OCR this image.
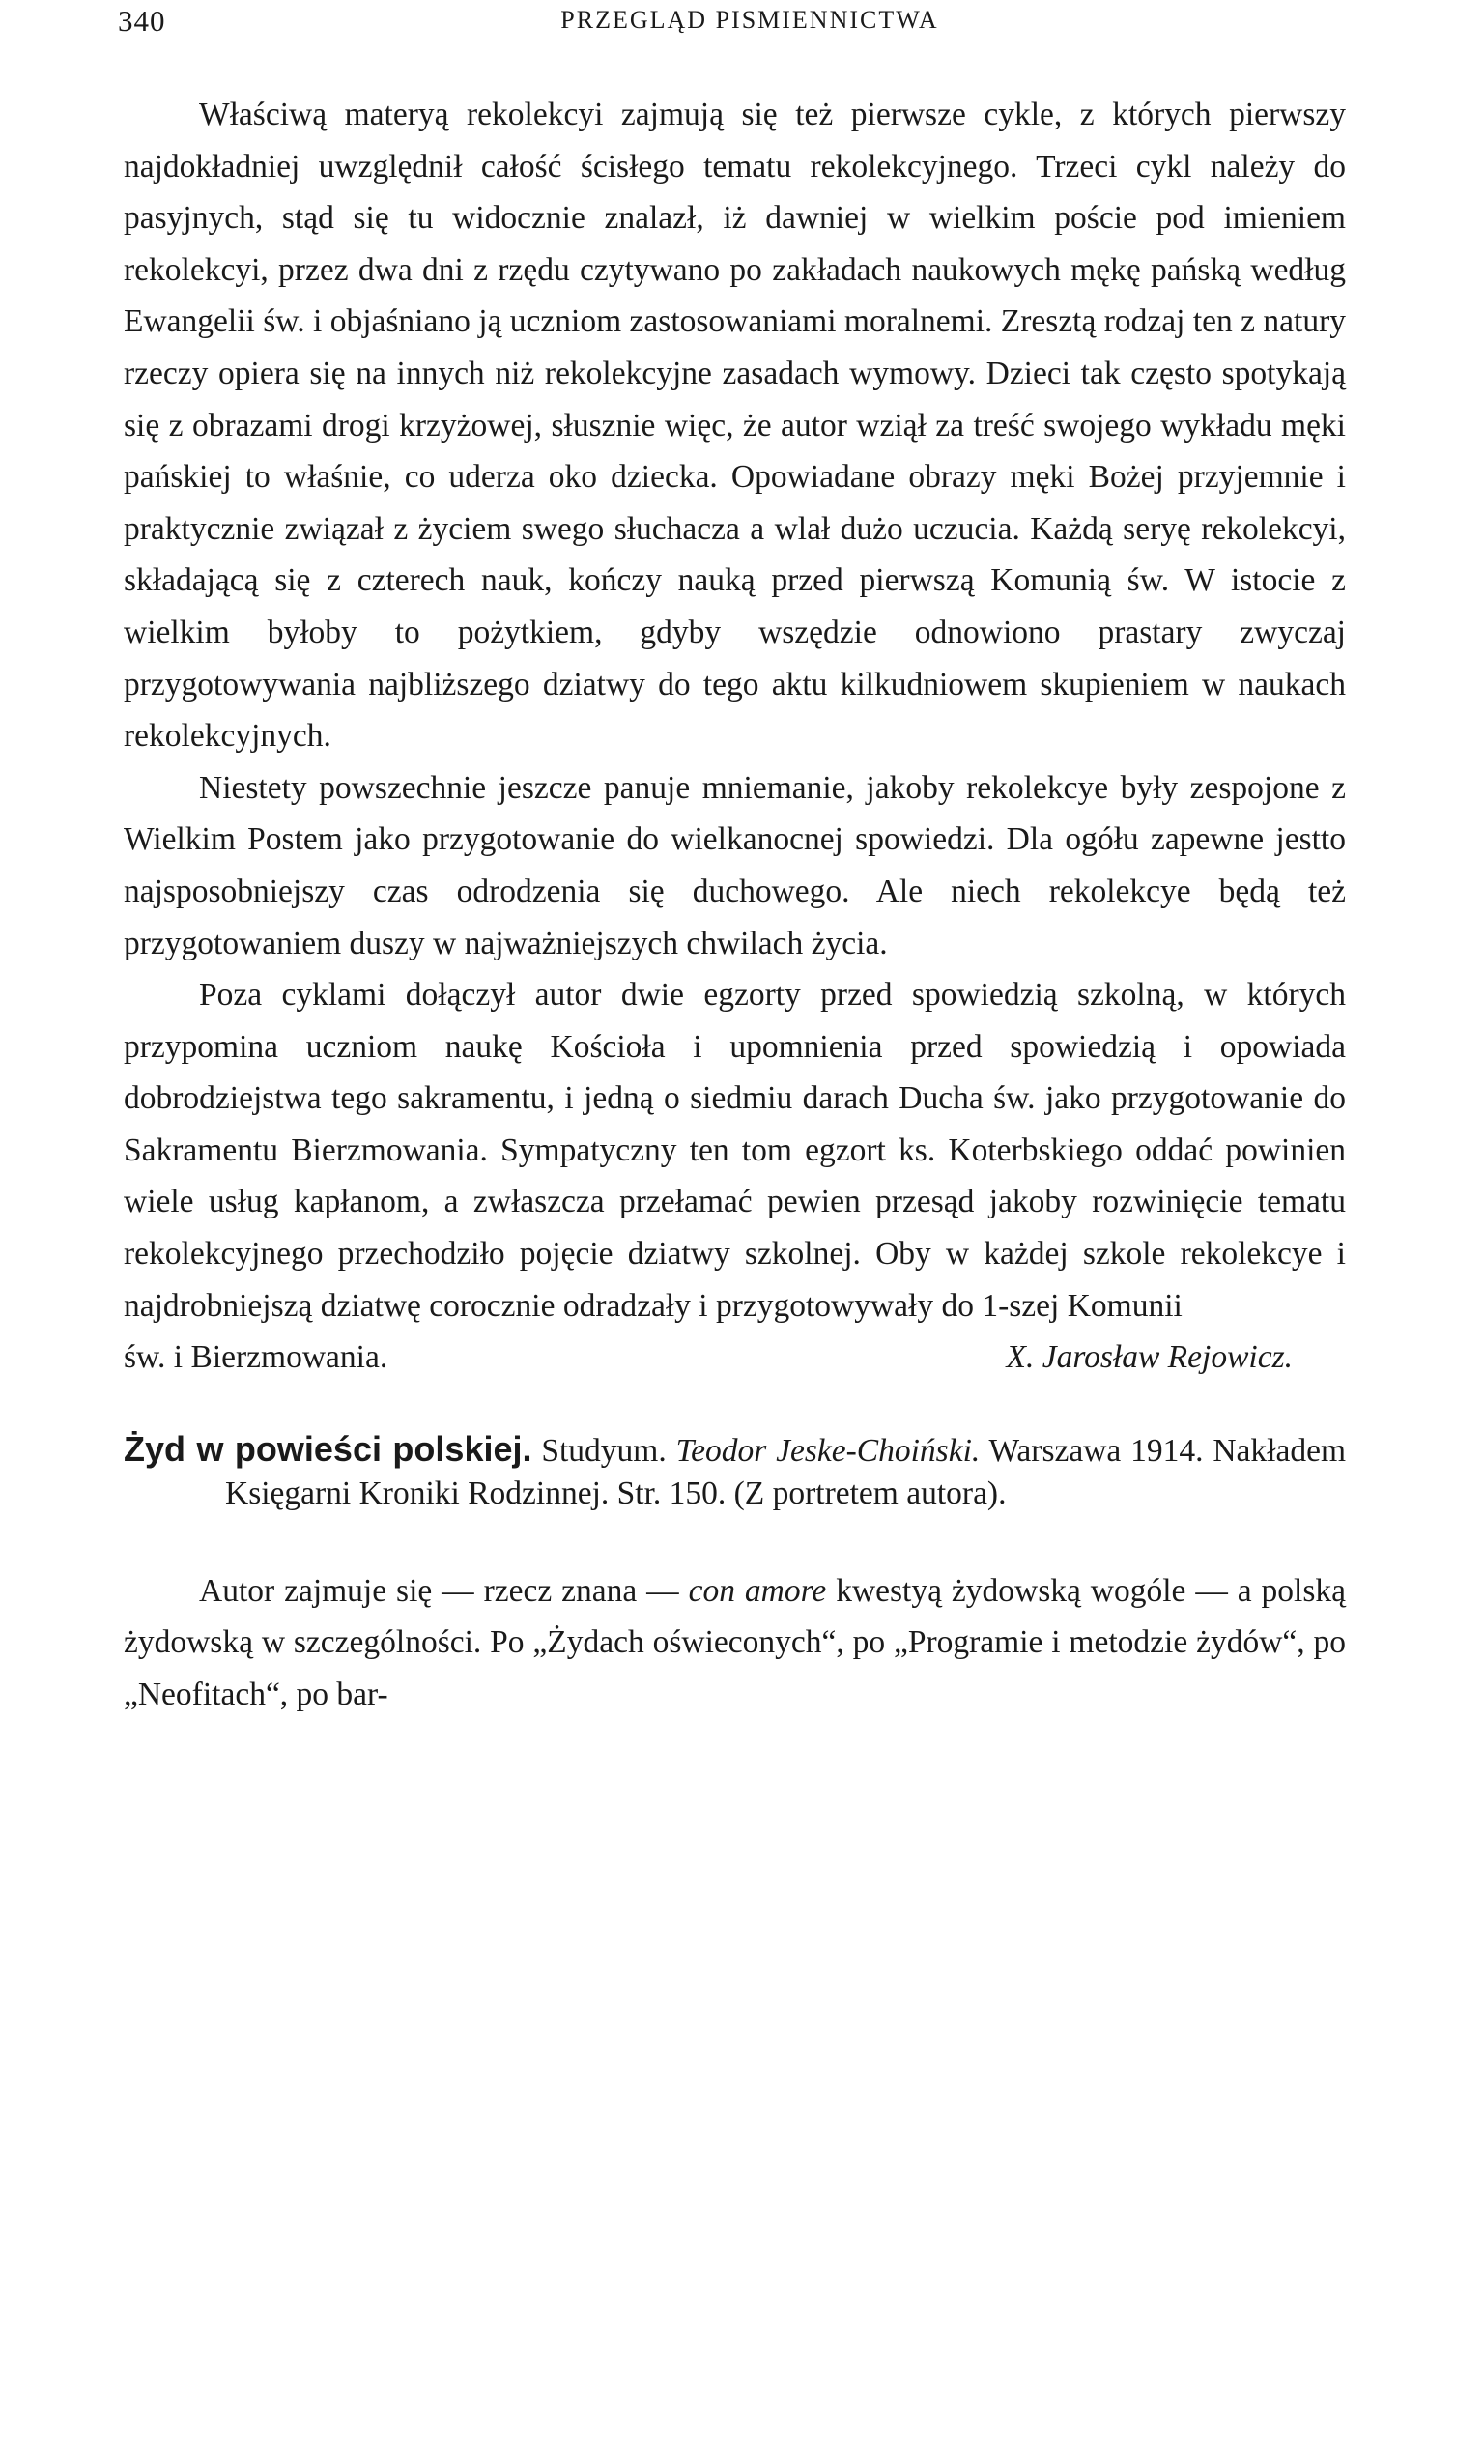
340	PRZEGLĄD PISMIENNICTWA

Właściwą materyą rekolekcyi zajmują się też pierwsze cykle, z których pierwszy najdokładniej uwzględnił całość ścisłego tematu rekolekcyjnego. Trzeci cykl należy do pasyjnych, stąd się tu widocznie znalazł, iż dawniej w wielkim poście pod imieniem rekolekcyi, przez dwa dni z rzędu czytywano po zakładach naukowych mękę pańską według Ewangelii św. i objaśniano ją uczniom zastosowaniami moralnemi. Zresztą rodzaj ten z natury rzeczy opiera się na innych niż rekolekcyjne zasadach wymowy. Dzieci tak często spotykają się z obrazami drogi krzyżowej, słusznie więc, że autor wziął za treść swojego wykładu męki pańskiej to właśnie, co uderza oko dziecka. Opowiadane obrazy męki Bożej przyjemnie i praktycznie związał z życiem swego słuchacza a wlał dużo uczucia. Każdą seryę rekolekcyi, składającą się z czterech nauk, kończy nauką przed pierwszą Komunią św. W istocie z wielkim byłoby to pożytkiem, gdyby wszędzie odnowiono prastary zwyczaj przygotowywania najbliższego dziatwy do tego aktu kilkudniowem skupieniem w naukach rekolekcyjnych.

Niestety powszechnie jeszcze panuje mniemanie, jakoby rekolekcye były zespojone z Wielkim Postem jako przygotowanie do wielkanocnej spowiedzi. Dla ogółu zapewne jestto najsposobniejszy czas odrodzenia się duchowego. Ale niech rekolekcye będą też przygotowaniem duszy w najważniejszych chwilach życia.

Poza cyklami dołączył autor dwie egzorty przed spowiedzią szkolną, w których przypomina uczniom naukę Kościoła i upomnienia przed spowiedzią i opowiada dobrodziejstwa tego sakramentu, i jedną o siedmiu darach Ducha św. jako przygotowanie do Sakramentu Bierzmowania. Sympatyczny ten tom egzort ks. Koterbskiego oddać powinien wiele usług kapłanom, a zwłaszcza przełamać pewien przesąd jakoby rozwinięcie tematu rekolekcyjnego przechodziło pojęcie dziatwy szkolnej. Oby w każdej szkole rekolekcye i najdrobniejszą dziatwę corocznie odradzały i przygotowywały do 1-szej Komunii

św. i Bierzmowania.	X. Jarosław Rejowicz.

Żyd w powieści polskiej. Studyum. Teodor Jeske-Choiński. Warszawa 1914. Nakładem Księgarni Kroniki Rodzinnej. Str. 150. (Z portretem autora).

Autor zajmuje się — rzecz znana — con amore kwestyą żydowską wogóle — a polską żydowską w szczególności. Po „Żydach oświeconych“, po „Programie i metodzie żydów“, po „Neofitach“, po bar-
